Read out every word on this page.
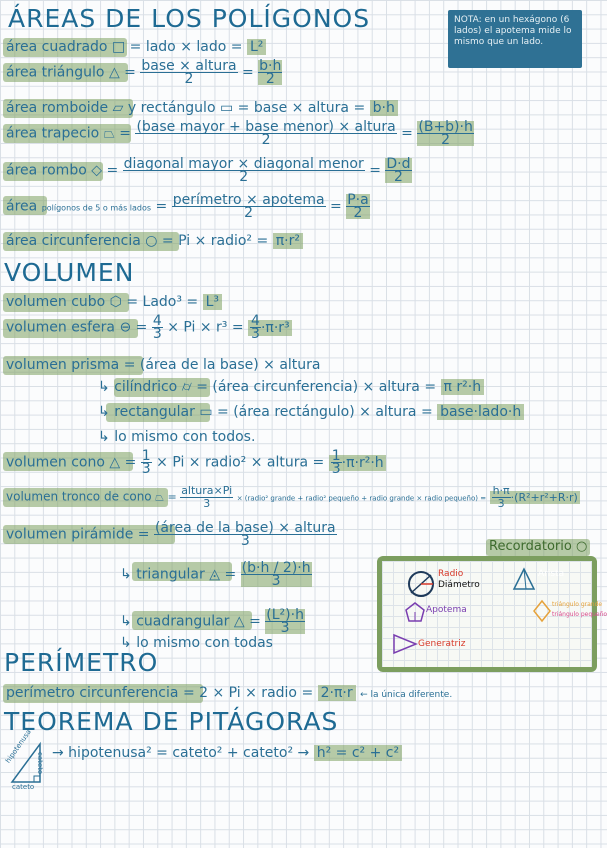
ÁREAS DE LOS POLÍGONOS	NOTA: en un hexágono (6 lados) el apotema mide lo mismo que un lado.
área cuadrado □ = lado × lado = L²
área triángulo △ = $\frac{\text{base × altura}}{2} = \frac{b\cdot h}{2}$
área romboide ▱ y rectángulo ▭ = base × altura = b·h
área trapecio ⏢ = $\frac{\text{(base mayor + base menor) × altura}}{2} = \frac{(B+b)\cdot h}{2}$
área rombo ◇ = $\frac{\text{diagonal mayor × diagonal menor}}{2} = \frac{D\cdot d}{2}$
área polígonos de 5 o más lados = $\frac{\text{perímetro × apotema}}{2} = \frac{P\cdot a}{2}$
área circunferencia ○ = Pi × radio² = π·r²
VOLUMEN
volumen cubo ⬡ = Lado³ = L³
volumen esfera ⊖ = $\frac{4}{3} \times Pi \times r^3 = \frac{4}{3} \cdot\pi\cdot r^3$
volumen prisma = (área de la base) × altura
↳ cilíndrico ⌭ = (área circunferencia) × altura = π r²·h
↳ rectangular ▭ = (área rectángulo) × altura = base·lado·h
↳ lo mismo con todos.
volumen cono △ = $\frac{1}{3} \times Pi$ × radio² × altura = $\frac{1}{3} \cdot\pi\cdot r^2\cdot h$
volumen tronco de cono ⏢ = $\frac{\text{altura×Pi}}{3}$ × (radio² grande + radio² pequeño + radio grande × radio pequeño) = $\frac{h\cdot\pi}{3} \cdot(R^2+r^2+R\cdot r)$
volumen pirámide = $\frac{\text{(área de la base) × altura}}{3}$
↳ triangular ◬ = $\frac{(b\cdot h / 2)\cdot h}{3}$
↳ cuadrangular △ = $\frac{\text{(L²)·h}}{3}$
↳ lo mismo con todas
Recordatorio ○
Radio
Diámetro
Arista
Apotema
triángulo grande
triángulo pequeño
Generatriz
PERÍMETRO
perímetro circunferencia = 2 × Pi × radio = 2·π·r ← la única diferente.
TEOREMA DE PITÁGORAS
hipotenusa cateto
cateto
→ hipotenusa² = cateto² + cateto² → h² = c² + c²
